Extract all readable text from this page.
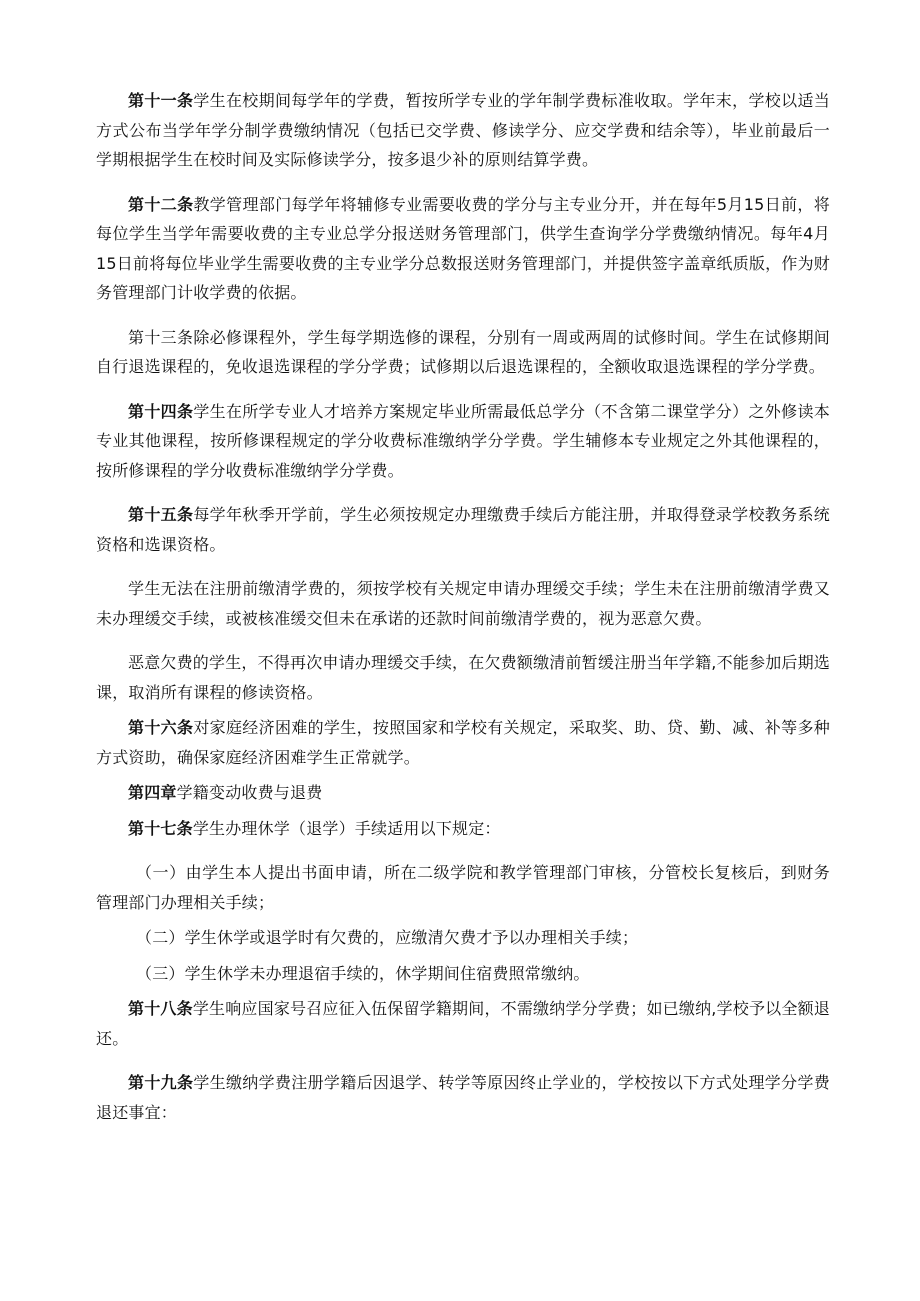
第十一条学生在校期间每学年的学费，暂按所学专业的学年制学费标准收取。学年末，学校以适当方式公布当学年学分制学费缴纳情况（包括已交学费、修读学分、应交学费和结余等），毕业前最后一学期根据学生在校时间及实际修读学分，按多退少补的原则结算学费。

第十二条教学管理部门每学年将辅修专业需要收费的学分与主专业分开，并在每年5月15日前，将每位学生当学年需要收费的主专业总学分报送财务管理部门，供学生查询学分学费缴纳情况。每年4月15日前将每位毕业学生需要收费的主专业学分总数报送财务管理部门，并提供签字盖章纸质版，作为财务管理部门计收学费的依据。

第十三条除必修课程外，学生每学期选修的课程，分别有一周或两周的试修时间。学生在试修期间自行退选课程的，免收退选课程的学分学费；试修期以后退选课程的，全额收取退选课程的学分学费。

第十四条学生在所学专业人才培养方案规定毕业所需最低总学分（不含第二课堂学分）之外修读本专业其他课程，按所修课程规定的学分收费标准缴纳学分学费。学生辅修本专业规定之外其他课程的，按所修课程的学分收费标准缴纳学分学费。

第十五条每学年秋季开学前，学生必须按规定办理缴费手续后方能注册，并取得登录学校教务系统资格和选课资格。

学生无法在注册前缴清学费的，须按学校有关规定申请办理缓交手续；学生未在注册前缴清学费又未办理缓交手续，或被核准缓交但未在承诺的还款时间前缴清学费的，视为恶意欠费。

恶意欠费的学生，不得再次申请办理缓交手续，在欠费额缴清前暂缓注册当年学籍,不能参加后期选课，取消所有课程的修读资格。

第十六条对家庭经济困难的学生，按照国家和学校有关规定，采取奖、助、贷、勤、减、补等多种方式资助，确保家庭经济困难学生正常就学。

第四章学籍变动收费与退费

第十七条学生办理休学（退学）手续适用以下规定：

（一）由学生本人提出书面申请，所在二级学院和教学管理部门审核，分管校长复核后，到财务管理部门办理相关手续；

（二）学生休学或退学时有欠费的，应缴清欠费才予以办理相关手续；

（三）学生休学未办理退宿手续的，休学期间住宿费照常缴纳。

第十八条学生响应国家号召应征入伍保留学籍期间，不需缴纳学分学费；如已缴纳,学校予以全额退还。

第十九条学生缴纳学费注册学籍后因退学、转学等原因终止学业的，学校按以下方式处理学分学费退还事宜：
